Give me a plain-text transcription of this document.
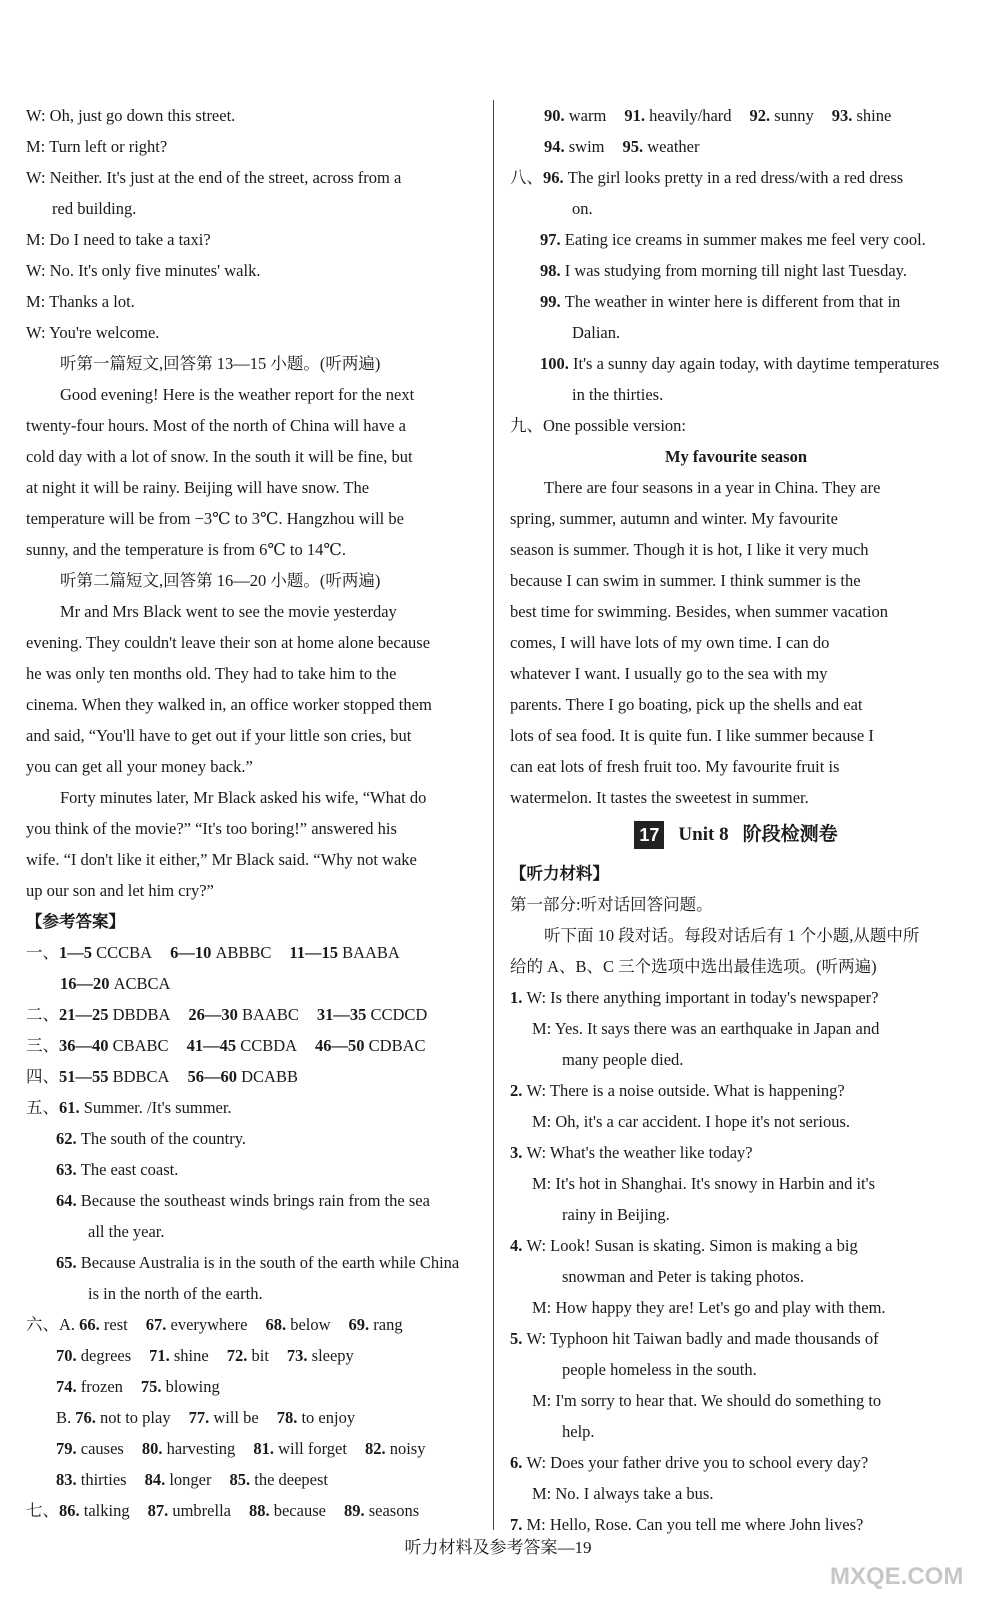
W: Oh, just go down this street.
M: Turn left or right?
W: Neither. It's just at the end of the street, across from a
red building.
M: Do I need to take a taxi?
W: No. It's only five minutes' walk.
M: Thanks a lot.
W: You're welcome.
听第一篇短文,回答第 13—15 小题。(听两遍)
Good evening! Here is the weather report for the next
twenty-four hours. Most of the north of China will have a
cold day with a lot of snow. In the south it will be fine, but
at night it will be rainy. Beijing will have snow. The
temperature will be from −3℃ to 3℃. Hangzhou will be
sunny, and the temperature is from 6℃ to 14℃.
听第二篇短文,回答第 16—20 小题。(听两遍)
Mr and Mrs Black went to see the movie yesterday
evening. They couldn't leave their son at home alone because
he was only ten months old. They had to take him to the
cinema. When they walked in, an office worker stopped them
and said, “You'll have to get out if your little son cries, but
you can get all your money back.”
Forty minutes later, Mr Black asked his wife, “What do
you think of the movie?” “It's too boring!” answered his
wife. “I don't like it either,” Mr Black said. “Why not wake
up our son and let him cry?”
【参考答案】
一、1—5 CCCBA 6—10 ABBBC 11—15 BAABA
16—20 ACBCA
二、21—25 DBDBA 26—30 BAABC 31—35 CCDCD
三、36—40 CBABC 41—45 CCBDA 46—50 CDBAC
四、51—55 BDBCA 56—60 DCABB
五、61. Summer. /It's summer.
62. The south of the country.
63. The east coast.
64. Because the southeast winds brings rain from the sea
all the year.
65. Because Australia is in the south of the earth while China
is in the north of the earth.
六、A. 66. rest 67. everywhere 68. below 69. rang
70. degrees 71. shine 72. bit 73. sleepy
74. frozen 75. blowing
B. 76. not to play 77. will be 78. to enjoy
79. causes 80. harvesting 81. will forget 82. noisy
83. thirties 84. longer 85. the deepest
七、86. talking 87. umbrella 88. because 89. seasons
90. warm 91. heavily/hard 92. sunny 93. shine
94. swim 95. weather
八、96. The girl looks pretty in a red dress/with a red dress
on.
97. Eating ice creams in summer makes me feel very cool.
98. I was studying from morning till night last Tuesday.
99. The weather in winter here is different from that in
Dalian.
100. It's a sunny day again today, with daytime temperatures
in the thirties.
九、One possible version:
My favourite season
There are four seasons in a year in China. They are
spring, summer, autumn and winter. My favourite
season is summer. Though it is hot, I like it very much
because I can swim in summer. I think summer is the
best time for swimming. Besides, when summer vacation
comes, I will have lots of my own time. I can do
whatever I want. I usually go to the sea with my
parents. There I go boating, pick up the shells and eat
lots of sea food. It is quite fun. I like summer because I
can eat lots of fresh fruit too. My favourite fruit is
watermelon. It tastes the sweetest in summer.
17 Unit 8 阶段检测卷
【听力材料】
第一部分:听对话回答问题。
听下面 10 段对话。每段对话后有 1 个小题,从题中所
给的 A、B、C 三个选项中选出最佳选项。(听两遍)
1. W: Is there anything important in today's newspaper?
M: Yes. It says there was an earthquake in Japan and
many people died.
2. W: There is a noise outside. What is happening?
M: Oh, it's a car accident. I hope it's not serious.
3. W: What's the weather like today?
M: It's hot in Shanghai. It's snowy in Harbin and it's
rainy in Beijing.
4. W: Look! Susan is skating. Simon is making a big
snowman and Peter is taking photos.
M: How happy they are! Let's go and play with them.
5. W: Typhoon hit Taiwan badly and made thousands of
people homeless in the south.
M: I'm sorry to hear that. We should do something to
help.
6. W: Does your father drive you to school every day?
M: No. I always take a bus.
7. M: Hello, Rose. Can you tell me where John lives?
听力材料及参考答案—19
MXQE.COM
